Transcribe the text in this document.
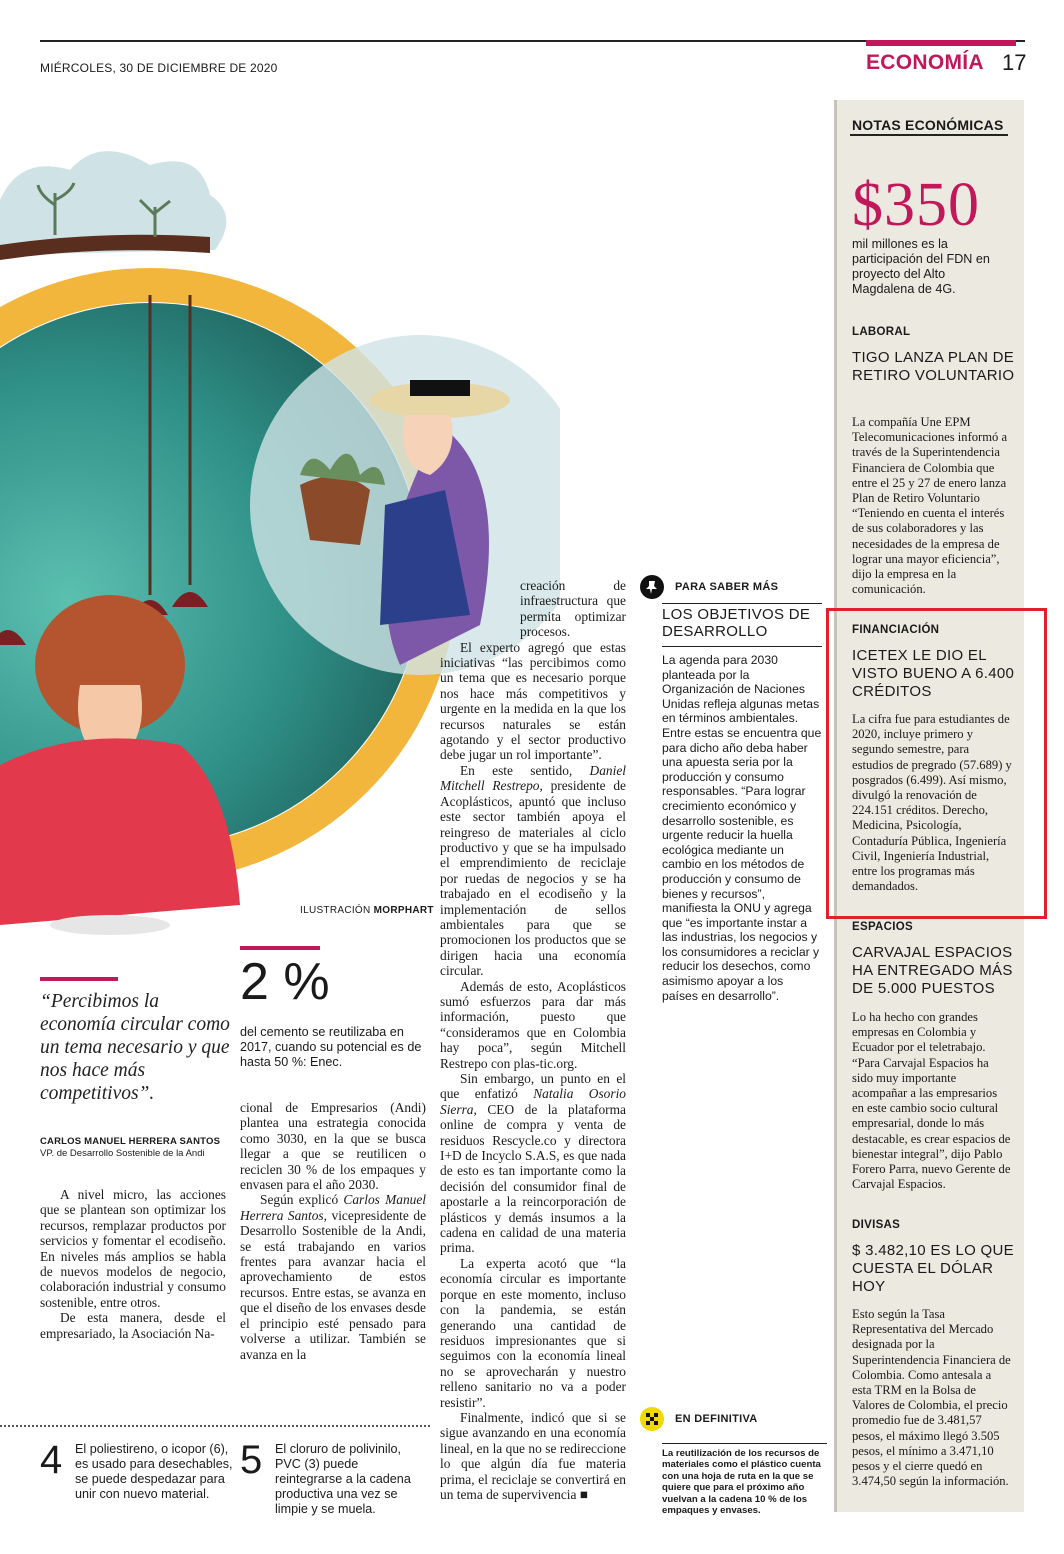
MIÉRCOLES, 30 DE DICIEMBRE DE 2020	ECONOMÍA 17
ILUSTRACIÓN MORPHART
“Percibimos la economía circular como un tema necesario y que nos hace más competitivos”.
CARLOS MANUEL HERRERA SANTOS
VP. de Desarrollo Sostenible de la Andi
2 %
del cemento se reutilizaba en 2017, cuando su potencial es de hasta 50 %: Enec.

A nivel micro, las acciones que se plantean son optimizar los recursos, remplazar productos por servicios y fomentar el ecodiseño. En niveles más amplios se habla de nuevos modelos de negocio, colaboración industrial y consumo sostenible, entre otros.

De esta manera, desde el empresariado, la Asociación Na-

cional de Empresarios (Andi) plantea una estrategia conocida como 3030, en la que se busca llegar a que se reutilicen o reciclen 30 % de los empaques y envasen para el año 2030.

Según explicó Carlos Manuel Herrera Santos, vicepresidente de Desarrollo Sostenible de la Andi, se está trabajando en varios frentes para avanzar hacia el aprovechamiento de estos recursos. Entre estas, se avanza en que el diseño de los envases desde el principio esté pensado para volverse a utilizar. También se avanza en la

creación de infraestructura que permita optimizar procesos.

El experto agregó que estas iniciativas “las percibimos como un tema que es necesario porque nos hace más competitivos y urgente en la medida en la que los recursos naturales se están agotando y el sector productivo debe jugar un rol importante”.

En este sentido, Daniel Mitchell Restrepo, presidente de Acoplásticos, apuntó que incluso este sector también apoya el reingreso de materiales al ciclo productivo y que se ha impulsado el emprendimiento de reciclaje por ruedas de negocios y se ha trabajado en el ecodiseño y la implementación de sellos ambientales para que se promocionen los productos que se dirigen hacia una economía circular.

Además de esto, Acoplásticos sumó esfuerzos para dar más información, puesto que “consideramos que en Colombia hay poca”, según Mitchell Restrepo con plas-tic.org.

Sin embargo, un punto en el que enfatizó Natalia Osorio Sierra, CEO de la plataforma online de compra y venta de residuos Rescycle.co y directora I+D de Incyclo S.A.S, es que nada de esto es tan importante como la decisión del consumidor final de apostarle a la reincorporación de plásticos y demás insumos a la cadena en calidad de una materia prima.

La experta acotó que “la economía circular es importante porque en este momento, incluso con la pandemia, se están generando una cantidad de residuos impresionantes que si seguimos con la economía lineal no se aprovecharán y nuestro relleno sanitario no va a poder resistir”.

Finalmente, indicó que si se sigue avanzando en una economía lineal, en la que no se redireccione lo que algún día fue materia prima, el reciclaje se convertirá en un tema de supervivencia ■

4 El poliestireno, o icopor (6), es usado para desechables, se puede despedazar para unir con nuevo material.
5 El cloruro de polivinilo, PVC (3) puede reintegrarse a la cadena productiva una vez se limpie y se muela.
PARA SABER MÁS
LOS OBJETIVOS DE DESARROLLO
La agenda para 2030 planteada por la Organización de Naciones Unidas refleja algunas metas en términos ambientales. Entre estas se encuentra que para dicho año deba haber una apuesta seria por la producción y consumo responsables. “Para lograr crecimiento económico y desarrollo sostenible, es urgente reducir la huella ecológica mediante un cambio en los métodos de producción y consumo de bienes y recursos”, manifiesta la ONU y agrega que “es importante instar a las industrias, los negocios y los consumidores a reciclar y reducir los desechos, como asimismo apoyar a los países en desarrollo”.
EN DEFINITIVA
La reutilización de los recursos de materiales como el plástico cuenta con una hoja de ruta en la que se quiere que para el próximo año vuelvan a la cadena 10 % de los empaques y envases.
NOTAS ECONÓMICAS
$350
mil millones es la participación del FDN en proyecto del Alto Magdalena de 4G.
LABORAL
TIGO LANZA PLAN DE RETIRO VOLUNTARIO
La compañía Une EPM Telecomunicaciones informó a través de la Superintendencia Financiera de Colombia que entre el 25 y 27 de enero lanza Plan de Retiro Voluntario “Teniendo en cuenta el interés de sus colaboradores y las necesidades de la empresa de lograr una mayor eficiencia”, dijo la empresa en la comunicación.
FINANCIACIÓN
ICETEX LE DIO EL VISTO BUENO A 6.400 CRÉDITOS
La cifra fue para estudiantes de 2020, incluye primero y segundo semestre, para estudios de pregrado (57.689) y posgrados (6.499). Así mismo, divulgó la renovación de 224.151 créditos. Derecho, Medicina, Psicología, Contaduría Pública, Ingeniería Civil, Ingeniería Industrial, entre los programas más demandados.
ESPACIOS
CARVAJAL ESPACIOS HA ENTREGADO MÁS DE 5.000 PUESTOS
Lo ha hecho con grandes empresas en Colombia y Ecuador por el teletrabajo. “Para Carvajal Espacios ha sido muy importante acompañar a las empresarios en este cambio socio cultural empresarial, donde lo más destacable, es crear espacios de bienestar integral”, dijo Pablo Forero Parra, nuevo Gerente de Carvajal Espacios.
DIVISAS
$ 3.482,10 ES LO QUE CUESTA EL DÓLAR HOY
Esto según la Tasa Representativa del Mercado designada por la Superintendencia Financiera de Colombia. Como antesala a esta TRM en la Bolsa de Valores de Colombia, el precio promedio fue de 3.481,57 pesos, el máximo llegó 3.505 pesos, el mínimo a 3.471,10 pesos y el cierre quedó en 3.474,50 según la información.
